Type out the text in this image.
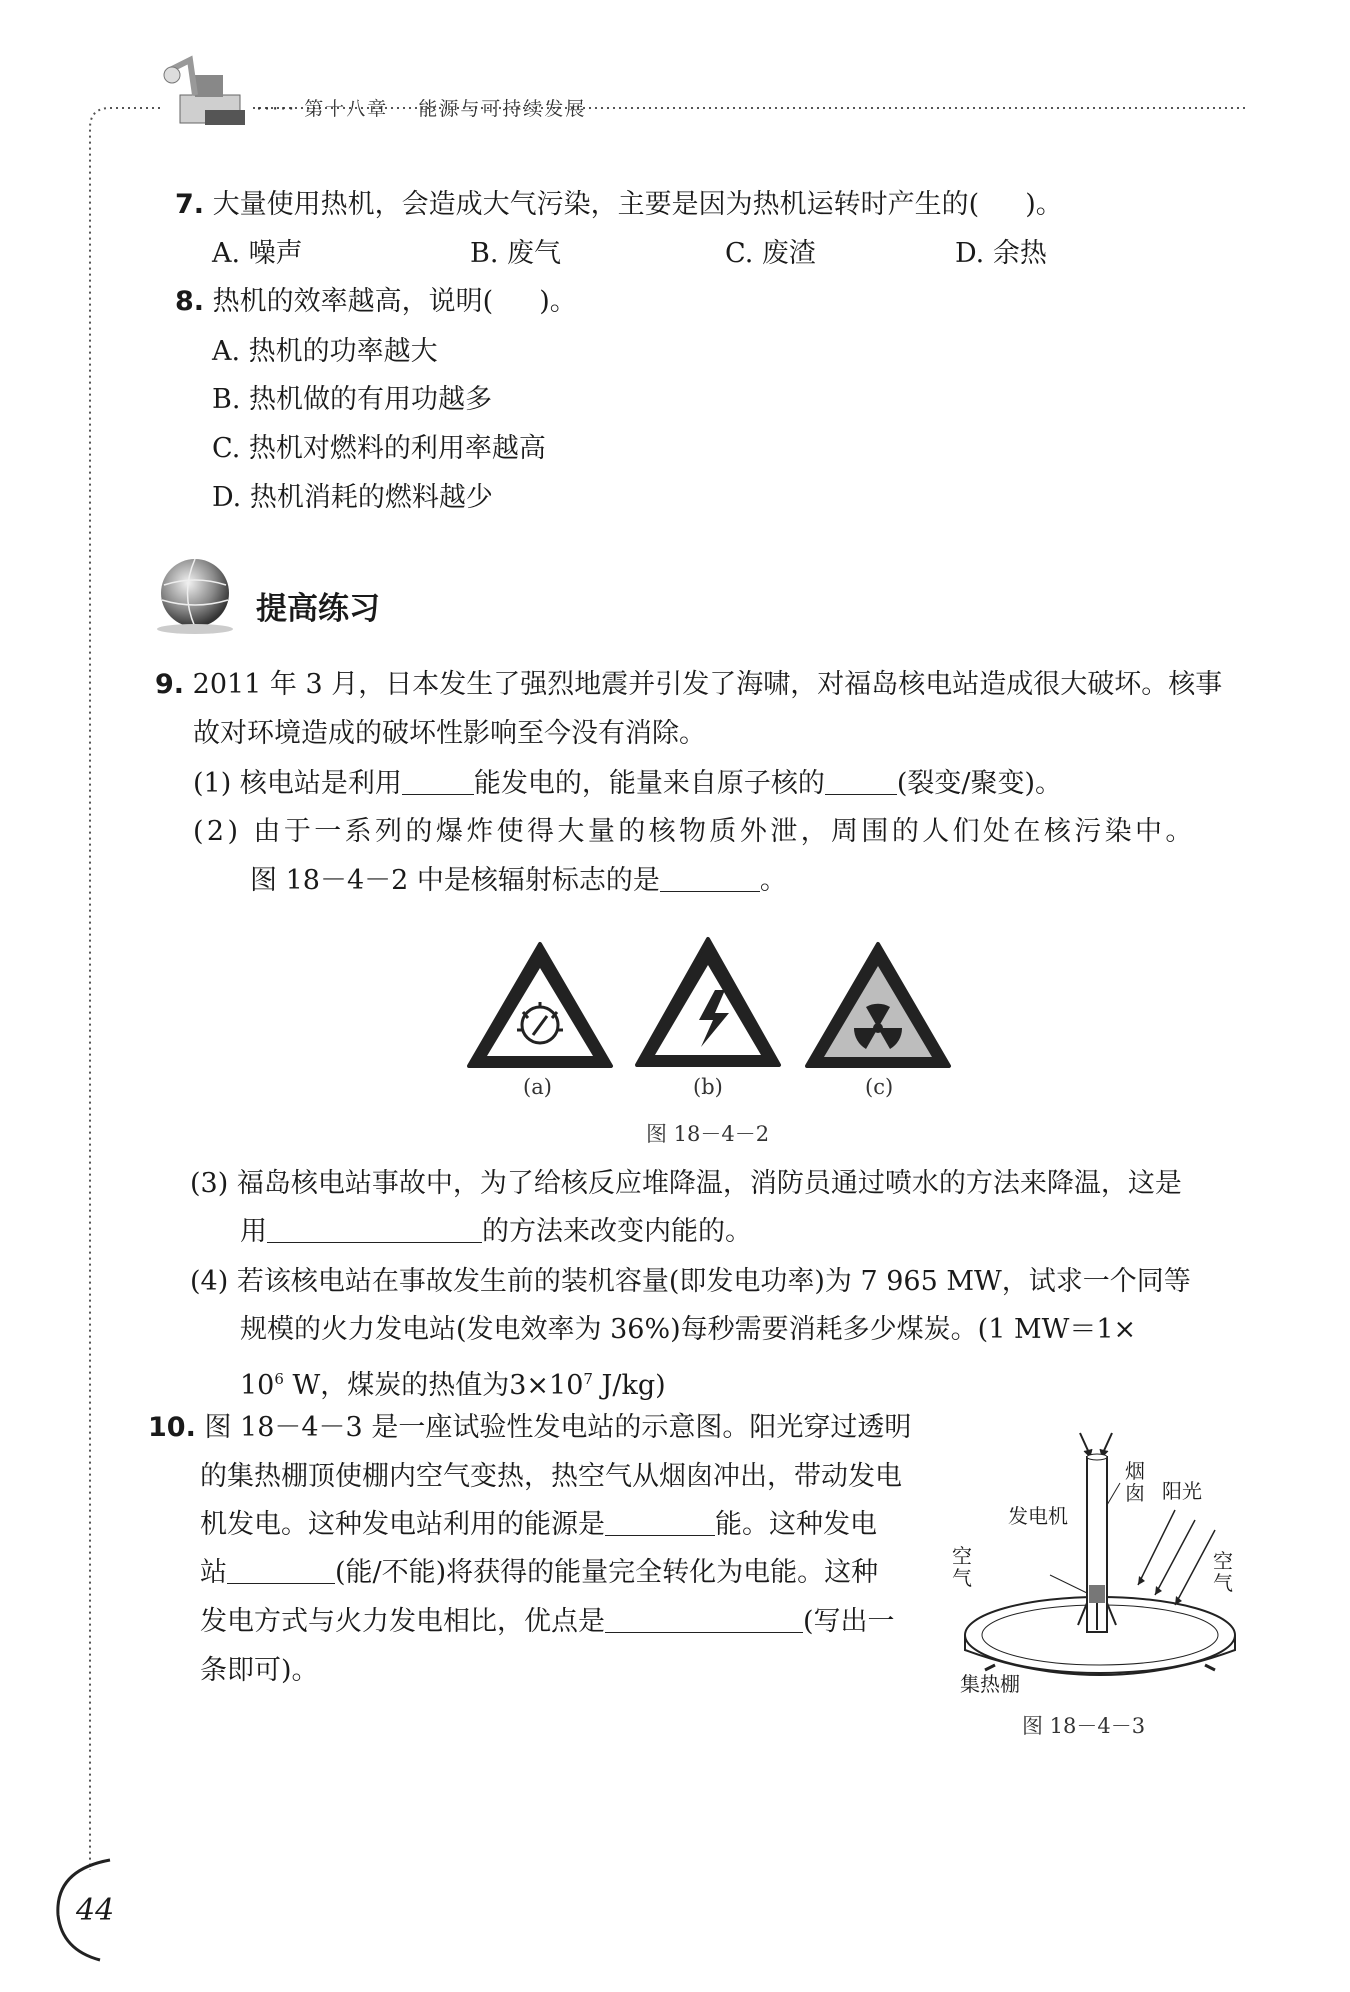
····· 第十八章 能源与可持续发展
7. 大量使用热机，会造成大气污染，主要是因为热机运转时产生的( )。
A. 噪声	B. 废气	C. 废渣	D. 余热
8. 热机的效率越高，说明( )。
A. 热机的功率越大
B. 热机做的有用功越多
C. 热机对燃料的利用率越高
D. 热机消耗的燃料越少
提高练习
9. 2011 年 3 月，日本发生了强烈地震并引发了海啸，对福岛核电站造成很大破坏。核事
故对环境造成的破坏性影响至今没有消除。
(1) 核电站是利用	能发电的，能量来自原子核的	(裂变/聚变)。
(2) 由于一系列的爆炸使得大量的核物质外泄，周围的人们处在核污染中。
图 18－4－2 中是核辐射标志的是	。
(a)	(b)	(c)
图 18－4－2
(3) 福岛核电站事故中，为了给核反应堆降温，消防员通过喷水的方法来降温，这是
用	的方法来改变内能的。
(4) 若该核电站在事故发生前的装机容量(即发电功率)为 7 965 MW，试求一个同等
规模的火力发电站(发电效率为 36%)每秒需要消耗多少煤炭。(1 MW＝1×
$10^6$ W，煤炭的热值为$3\times 10^7$ J/kg)
10. 图 18－4－3 是一座试验性发电站的示意图。阳光穿过透明
的集热棚顶使棚内空气变热，热空气从烟囱冲出，带动发电
机发电。这种发电站利用的能源是	能。这种发电
站	(能/不能)将获得的能量完全转化为电能。这种
发电方式与火力发电相比，优点是	(写出一
条即可)。
烟囱 阳光
发电机
空气
空气
集热棚
图 18－4－3
44
